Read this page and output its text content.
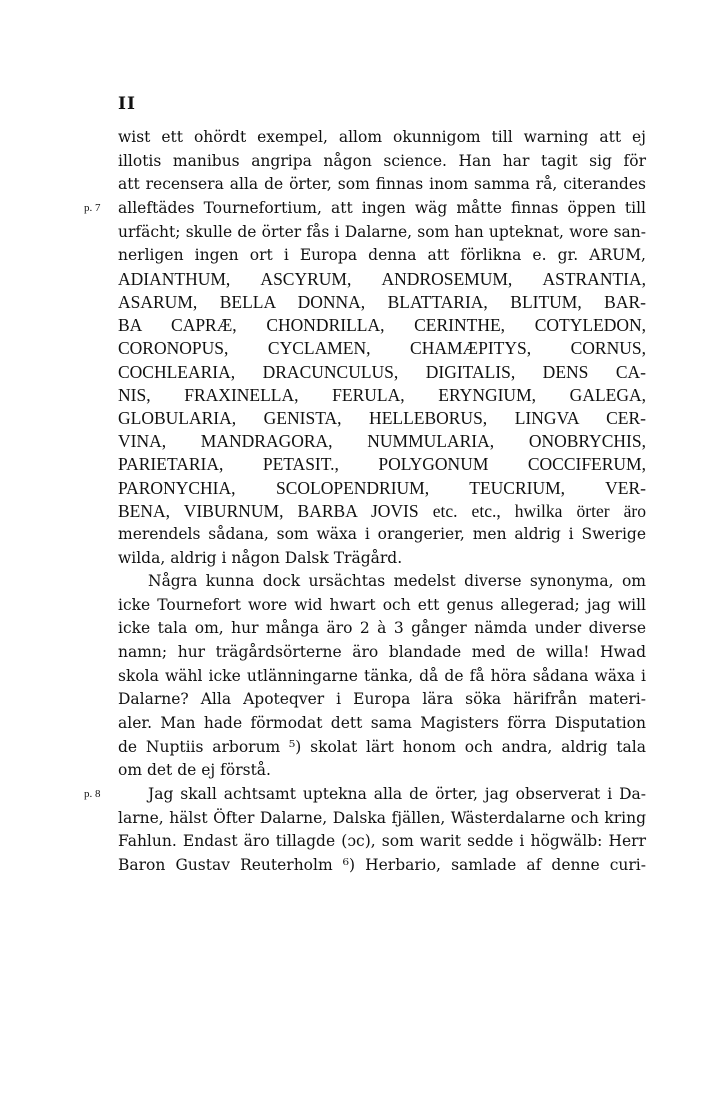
II
wist ett ohördt exempel, allom okunnigom till warning att ej
illotis manibus angripa någon science. Han har tagit sig för
att recensera alla de örter, som finnas inom samma rå, citerandes
alleftädes Tournefortium, att ingen wäg måtte finnas öppen till
p. 7
urfächt; skulle de örter fås i Dalarne, som han upteknat, wore san-
nerligen ingen ort i Europa denna att förlikna e. gr. ARUM,
ADIANTHUM, ASCYRUM, ANDROSEMUM, ASTRANTIA,
ASARUM, BELLA DONNA, BLATTARIA, BLITUM, BAR-
BA CAPRÆ, CHONDRILLA, CERINTHE, COTYLEDON,
CORONOPUS, CYCLAMEN, CHAMÆPITYS, CORNUS,
COCHLEARIA, DRACUNCULUS, DIGITALIS, DENS CA-
NIS, FRAXINELLA, FERULA, ERYNGIUM, GALEGA,
GLOBULARIA, GENISTA, HELLEBORUS, LINGVA CER-
VINA, MANDRAGORA, NUMMULARIA, ONOBRYCHIS,
PARIETARIA, PETASIT., POLYGONUM COCCIFERUM,
PARONYCHIA, SCOLOPENDRIUM, TEUCRIUM, VER-
BENA, VIBURNUM, BARBA JOVIS etc. etc., hwilka örter äro
merendels sådana, som wäxa i orangerier, men aldrig i Swerige
wilda, aldrig i någon Dalsk Trägård.
Några kunna dock ursächtas medelst diverse synonyma, om
icke Tournefort wore wid hwart och ett genus allegerad; jag will
icke tala om, hur många äro 2 à 3 gånger nämda under diverse
namn; hur trägårdsörterne äro blandade med de willa! Hwad
skola wähl icke utlänningarne tänka, då de få höra sådana wäxa i
Dalarne? Alla Apoteqver i Europa lära söka härifrån materi-
aler. Man hade förmodat dett sama Magisters förra Disputation
de Nuptiis arborum ⁵) skolat lärt honom och andra, aldrig tala
om det de ej förstå.
Jag skall achtsamt uptekna alla de örter, jag observerat i Da-
p. 8
larne, hälst Öfter Dalarne, Dalska fjällen, Wästerdalarne och kring
Fahlun. Endast äro tillagde (ɔc), som warit sedde i högwälb: Herr
Baron Gustav Reuterholm ⁶) Herbario, samlade af denne curi-
